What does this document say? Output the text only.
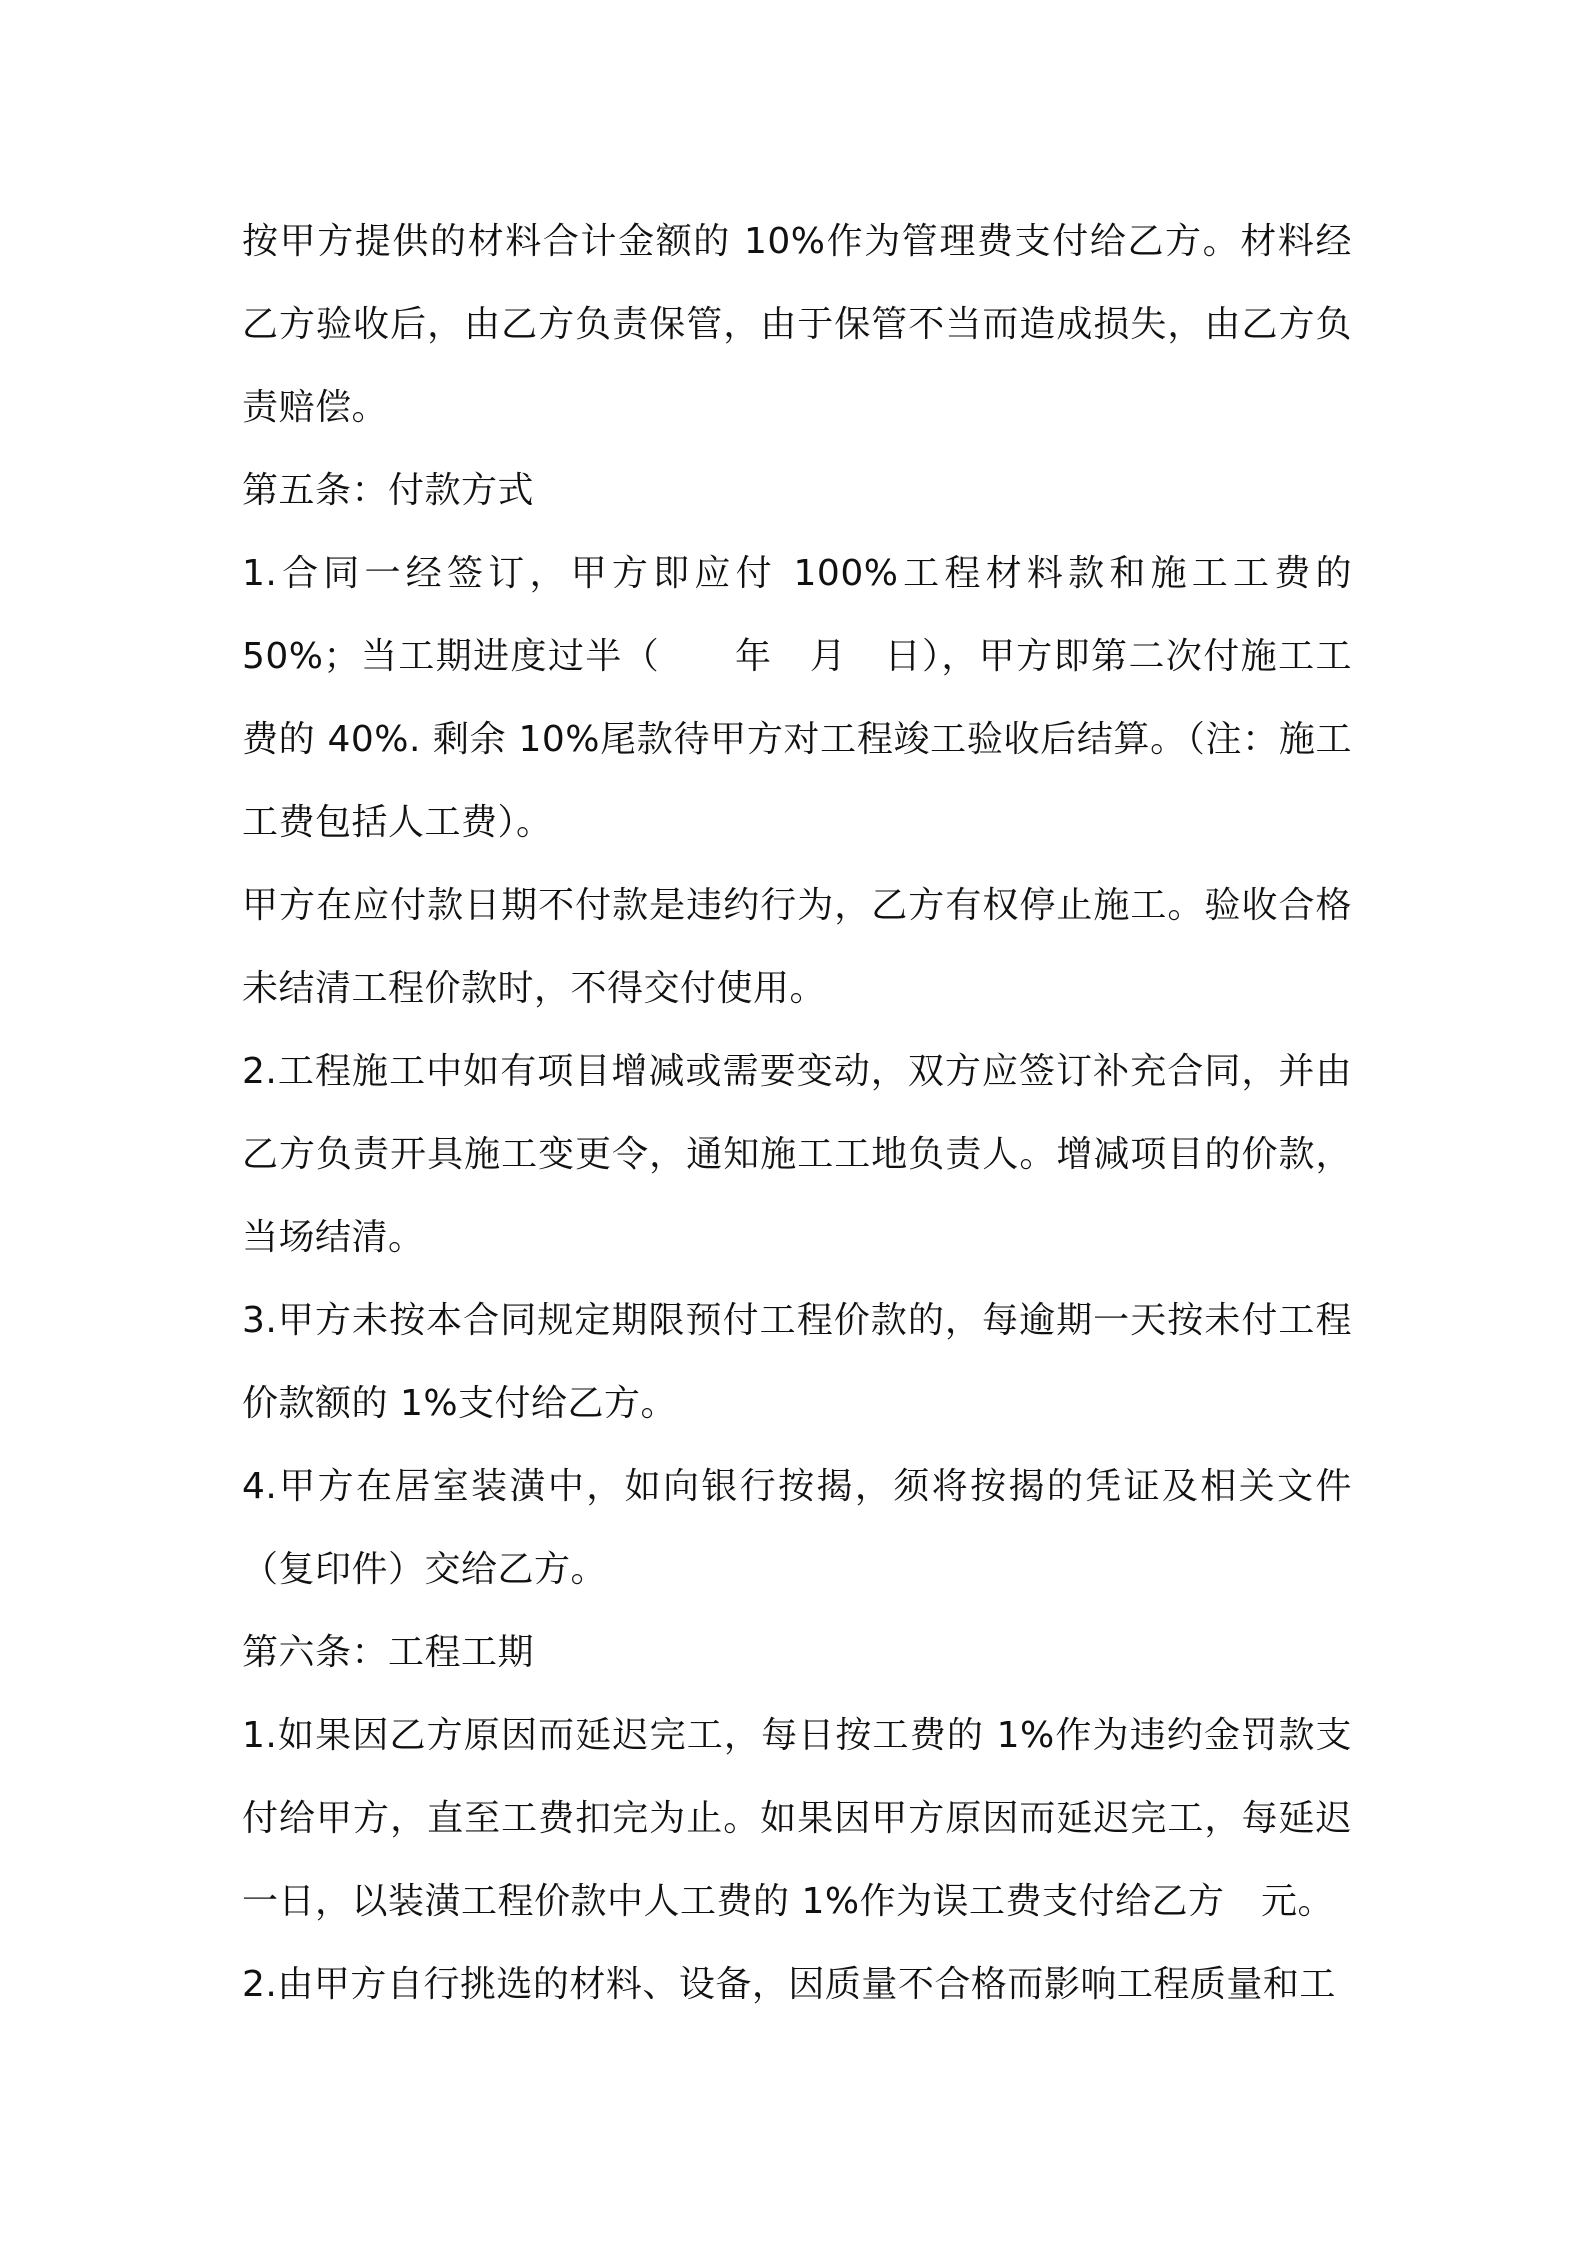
按甲方提供的材料合计金额的 10%作为管理费支付给乙方。材料经乙方验收后，由乙方负责保管，由于保管不当而造成损失，由乙方负责赔偿。

第五条：付款方式

1.合同一经签订，甲方即应付 100%工程材料款和施工工费的 50%；当工期进度过半（　　年　月　日），甲方即第二次付施工工费的 40%. 剩余 10%尾款待甲方对工程竣工验收后结算。（注：施工工费包括人工费）。

甲方在应付款日期不付款是违约行为，乙方有权停止施工。验收合格未结清工程价款时，不得交付使用。

2.工程施工中如有项目增减或需要变动，双方应签订补充合同，并由乙方负责开具施工变更令，通知施工工地负责人。增减项目的价款，当场结清。

3.甲方未按本合同规定期限预付工程价款的，每逾期一天按未付工程价款额的 1%支付给乙方。

4.甲方在居室装潢中，如向银行按揭，须将按揭的凭证及相关文件（复印件）交给乙方。

第六条：工程工期

1.如果因乙方原因而延迟完工，每日按工费的 1%作为违约金罚款支付给甲方，直至工费扣完为止。如果因甲方原因而延迟完工，每延迟一日，以装潢工程价款中人工费的 1%作为误工费支付给乙方　元。

2.由甲方自行挑选的材料、设备，因质量不合格而影响工程质量和工
